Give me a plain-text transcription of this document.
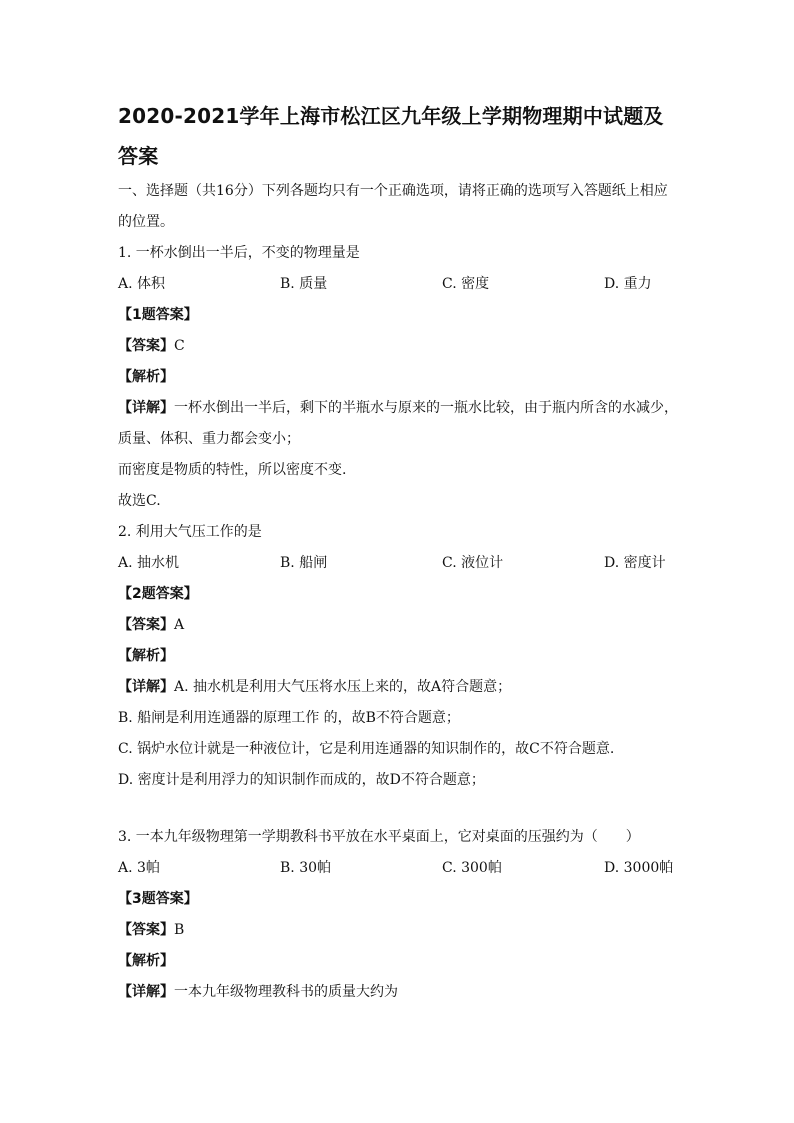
2020-2021学年上海市松江区九年级上学期物理期中试题及答案
一、选择题（共16分）下列各题均只有一个正确选项，请将正确的选项写入答题纸上相应的位置。
1. 一杯水倒出一半后，不变的物理量是
A. 体积	B. 质量	C. 密度	D. 重力
【1题答案】
【答案】C
【解析】
【详解】一杯水倒出一半后，剩下的半瓶水与原来的一瓶水比较，由于瓶内所含的水减少，质量、体积、重力都会变小；
而密度是物质的特性，所以密度不变.
故选C.
2. 利用大气压工作的是
A. 抽水机	B. 船闸	C. 液位计	D. 密度计
【2题答案】
【答案】A
【解析】
【详解】A. 抽水机是利用大气压将水压上来的，故A符合题意；
B. 船闸是利用连通器的原理工作 的，故B不符合题意；
C. 锅炉水位计就是一种液位计，它是利用连通器的知识制作的，故C不符合题意.
D. 密度计是利用浮力的知识制作而成的，故D不符合题意；
3. 一本九年级物理第一学期教科书平放在水平桌面上，它对桌面的压强约为（　　）
A. 3帕	B. 30帕	C. 300帕	D. 3000帕
【3题答案】
【答案】B
【解析】
【详解】一本九年级物理教科书的质量大约为
